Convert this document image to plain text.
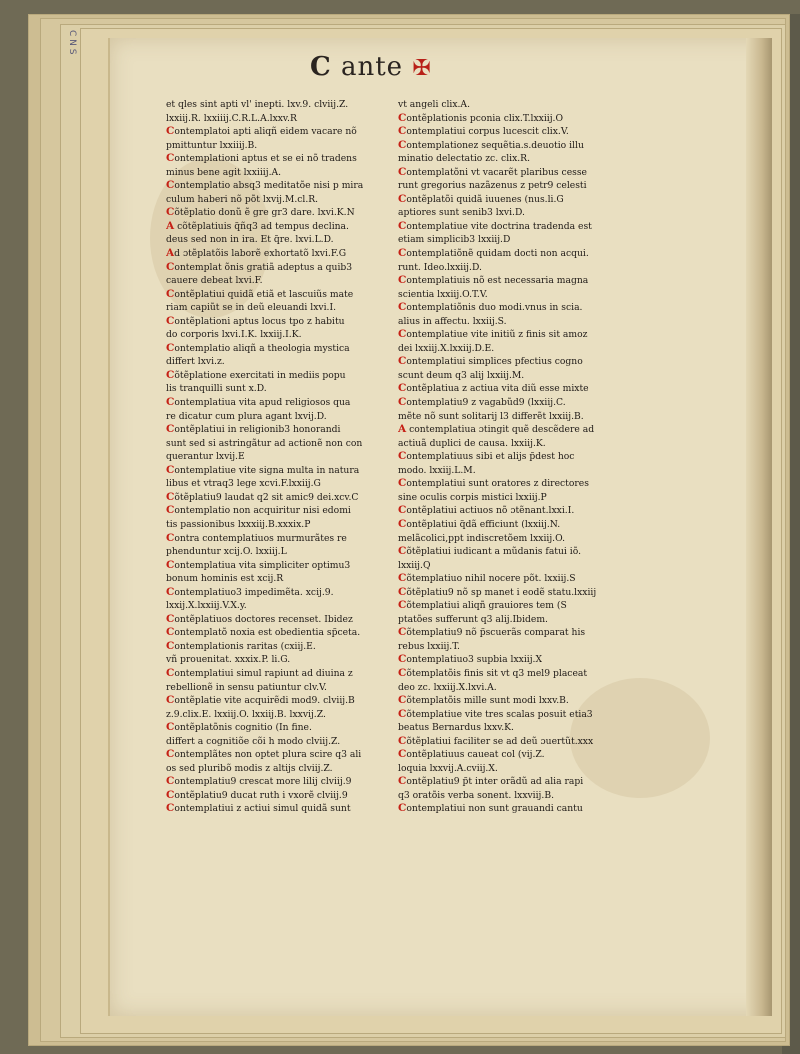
C N S
C ante ✠
et qles sint apti vl' inepti. lxv.9. clviij.Z.
lxxiij.R. lxxiiij.C.R.L.A.lxxv.R
Contemplatoi apti aliqñ eidem vacare nõ
pmittuntur lxxiiij.B.
Contemplationi aptus et se ei nõ tradens
minus bene agit lxxiiij.A.
Contemplatio absq3 meditatõe nisi p mira
culum haberi nõ põt lxvij.M.cl.R.
Cõtẽplatio donũ ẽ gre gr3 dare. lxvi.K.N
A cõtẽplatiuis q̃ñq3 ad tempus declina.
deus sed non in ira. Et q̃re. lxvi.L.D.
Ad ɔtẽplatõis laborẽ exhortatõ lxvi.F.G
Contemplat õnis gratiã adeptus a quib3
cauere debeat lxvi.F.
Contẽplatiui quidã etiã et lascuiũs mate
riam capiũt se in deũ eleuandi lxvi.I.
Contẽplationi aptus locus tpo z habitu
do corporis lxvi.I.K. lxxiij.I.K.
Contemplatio aliqñ a theologia mystica
differt lxvi.z.
Cõtẽplatione exercitati in mediis popu
lis tranquilli sunt x.D.
Contemplatiua vita apud religiosos qua
re dicatur cum plura agant lxvij.D.
Contẽplatiui in religionib3 honorandi
sunt sed si astringãtur ad actionẽ non con
querantur lxvij.E
Contemplatiue vite signa multa in natura
libus et vtraq3 lege xcvi.F.lxxiij.G
Cõtẽplatiu9 laudat q2 sit amic9 dei.xcv.C
Contemplatio non acquiritur nisi edomi
tis passionibus lxxxiij.B.xxxix.P
Contra contemplatiuos murmurãtes re
phenduntur xcij.O. lxxiij.L
Contemplatiua vita simpliciter optimu3
bonum hominis est xcij.R
Contemplatiuo3 impedimẽta. xcij.9.
lxxij.X.lxxiij.V.X.y.
Contẽplatiuos doctores recenset. Ibidez
Contemplatõ noxia est obedientia sp̃ceta.
Contemplationis raritas (cxiij.E.
vñ prouenitat. xxxix.P. li.G.
Contemplatiui simul rapiunt ad diuina z
rebellionẽ in sensu patiuntur clv.V.
Contẽplatie vite acquirẽdi mod9. clviij.B
z.9.clix.E. lxxiij.O. lxxiij.B. lxxvij.Z.
Contẽplatõnis cognitio (In fine.
differt a cognitiõe cõi h modo clviij.Z.
Contemplãtes non optet plura scire q3 ali
os sed pluribõ modis z altijs clviij.Z.
Contemplatiu9 crescat more lilij clviij.9
Contẽplatiu9 ducat ruth i vxorẽ clviij.9
Contemplatiui z actiui simul quidã sunt
vt angeli clix.A.
Contẽplationis pconia clix.T.lxxiij.O
Contemplatiui corpus lucescit clix.V.
Contemplationez sequẽtia.s.deuotio illu
minatio delectatio zc. clix.R.
Contemplatõni vt vacarẽt plaribus cesse
runt gregorius nazãzenus z petr9 celesti
Contẽplatõi quidã iuuenes (nus.li.G
aptiores sunt senib3 lxvi.D.
Contemplatiue vite doctrina tradenda est
etiam simplicib3 lxxiij.D
Contemplatiõnẽ quidam docti non acqui.
runt. Ideo.lxxiij.D.
Contemplatiuis nõ est necessaria magna
scientia lxxiij.O.T.V.
Contemplatiõnis duo modi.vnus in scia.
alius in affectu. lxxiij.S.
Contemplatiue vite initiũ z finis sit amoz
dei lxxiij.X.lxxiij.D.E.
Contemplatiui simplices pfectius cogno
scunt deum q3 alij lxxiij.M.
Contẽplatiua z actiua vita diũ esse mixte
Contemplatiu9 z vagabũd9 (lxxiij.C.
mẽte nõ sunt solitarij l3 differẽt lxxiij.B.
A contemplatiua ɔtingit quẽ descẽdere ad
actiuã duplici de causa. lxxiij.K.
Contemplatiuus sibi et alijs p̃dest hoc
modo. lxxiij.L.M.
Contemplatiui sunt oratores z directores
sine oculis corpis mistici lxxiij.P
Contẽplatiui actiuos nõ ɔtẽnant.lxxi.I.
Contẽplatiui q̃dã efficiunt (lxxiij.N.
melãcolici,ppt indiscretõem lxxiij.O.
Cõtẽplatiui iudicant a mũdanis fatui iõ.
lxxiij.Q
Cõtemplatiuo nihil nocere põt. lxxiij.S
Cõtẽplatiu9 nõ sp manet i eodẽ statu.lxxiij
Cõtemplatiui aliqñ grauiores tem (S
ptatões sufferunt q3 alij.Ibidem.
Cõtemplatiu9 nõ p̃scuerãs comparat his
rebus lxxiij.T.
Contemplatiuo3 supbia lxxiij.X
Cõtemplatõis finis sit vt q3 mel9 placeat
deo zc. lxxiij.X.lxvi.A.
Cõtemplatõis mille sunt modi lxxv.B.
Cõtemplatiue vite tres scalas posuit etia3
beatus Bernardus lxxv.K.
Cõtẽplatiui faciliter se ad deũ ɔuertũt.xxx
Contẽplatiuus caueat col (vij.Z.
loquia lxxvij.A.cviij.X.
Contẽplatiu9 p̃t inter orãdũ ad alia rapi
q3 oratõis verba sonent. lxxviij.B.
Contemplatiui non sunt grauandi cantu
